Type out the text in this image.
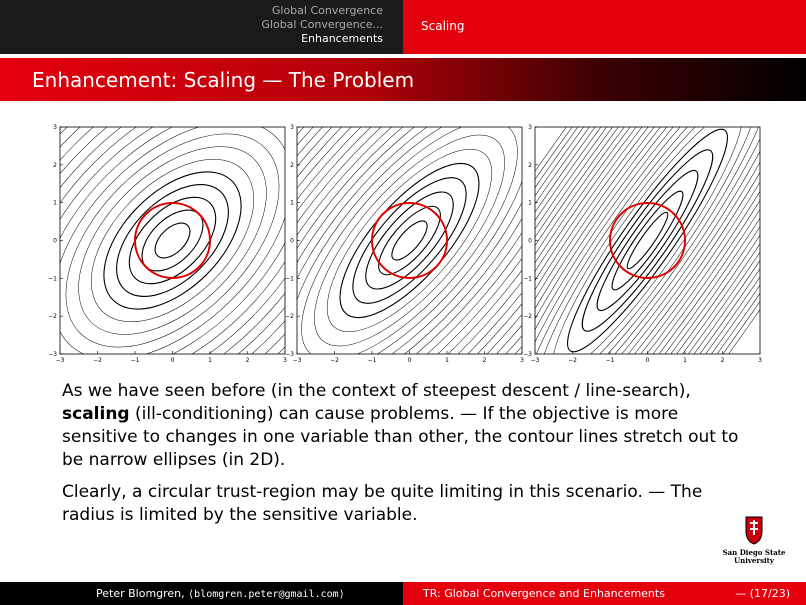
Global Convergence
Global Convergence...
Enhancements
Scaling
Enhancement: Scaling — The Problem
−3	−2	−1	0	1	2	3
3
2
1
0
−1
−2
−3
−3	−2	−1	0	1	2	3
3
2
1
0
−1
−2
−3
−3	−2	−1	0	1	2	3
3
2
1
0
−1
−2
−3

As we have seen before (in the context of steepest descent / line-search), scaling (ill-conditioning) can cause problems. — If the objective is more sensitive to changes in one variable than other, the contour lines stretch out to be narrow ellipses (in 2D).

Clearly, a circular trust-region may be quite limiting in this scenario. — The radius is limited by the sensitive variable.

San Diego State
University
Peter Blomgren, ⟨blomgren.peter@gmail.com⟩	TR: Global Convergence and Enhancements	— (17/23)
